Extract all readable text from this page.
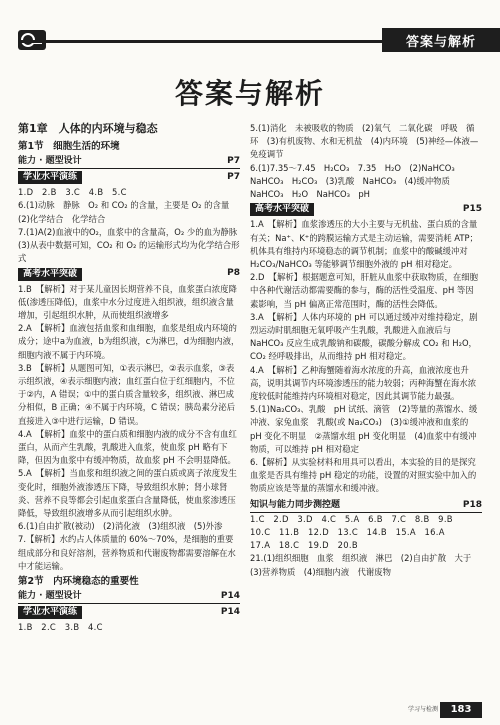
答案与解析
答案与解析
第1章　人体的内环境与稳态
第1节　细胞生活的环境
能力 · 题型设计	P7
学业水平演练	P7

1.D　2.B　3.C　4.B　5.C

6.(1)动脉　静脉　O₂ 和 CO₂ 的含量，主要是 O₂ 的含量　(2)化学结合　化学结合

7.(1)A(2)血液中的O₂，血浆中的含量高，O₂ 少的血为静脉　(3)从表中数据可知，CO₂ 和 O₂ 的运输形式均为化学结合形式

高考水平突破	P8

1.B　【解析】对于某儿童因长期营养不良，血浆蛋白浓度降低(渗透压降低)，血浆中水分过度进入组织液，组织液含量增加，引起组织水肿，从而使组织液增多

2.A　【解析】血液包括血浆和血细胞，血浆是组成内环境的成分；途中a为血液，b为组织液，c为淋巴，d为细胞内液，细胞内液不属于内环境。

3.B　【解析】从题图可知，①表示淋巴，②表示血浆，③表示组织液，④表示细胞内液；血红蛋白位于红细胞内，不位于②内，A 错误；①中的蛋白质含量较多，组织液、淋巴成分相似，B 正确；④不属于内环境，C 错误；胰岛素分泌后直接进入③中进行运输，D 错误。

4.A　【解析】血浆中的蛋白质和细胞内液的成分不含有血红蛋白，从而产生乳酸，乳酸进入血浆，使血浆 pH 略有下降，但因为血浆中有缓冲物质，故血浆 pH 不会明显降低。

5.A　【解析】当血浆和组织液之间的蛋白质或离子浓度发生变化时，细胞外液渗透压下降，导致组织水肿；肾小球肾炎、营养不良等都会引起血浆蛋白含量降低，使血浆渗透压降低，导致组织液增多从而引起组织水肿。

6.(1)自由扩散(被动)　(2)消化液　(3)组织液　(5)外渗

7.【解析】水约占人体质量的 60%～70%，是细胞的重要组成部分和良好溶剂，营养物质和代谢废物都需要溶解在水中才能运输。

第2节　内环境稳态的重要性
能力 · 题型设计	P14
学业水平演练	P14

1.B　2.C　3.B　4.C

5.(1)消化　未被吸收的物质　(2)氧气　二氧化碳　呼吸　循环　(3)有机废物、水和无机盐　(4)内环境　(5)神经—体液—免疫调节

6.(1)7.35～7.45　H₂CO₃　7.35　H₂O　(2)NaHCO₃　NaHCO₃　H₂CO₃　(3)乳酸　NaHCO₃　(4)缓冲物质　NaHCO₃　H₂O　NaHCO₃　pH

高考水平突破	P15

1.A　【解析】血浆渗透压的大小主要与无机盐、蛋白质的含量有关；Na⁺、K⁺的跨膜运输方式是主动运输，需要消耗 ATP；机体具有维持内环境稳态的调节机制；血浆中的酸碱缓冲对 H₂CO₃/NaHCO₃ 等能够调节细胞外液的 pH 相对稳定。

2.D　【解析】根据题意可知，肝脏从血浆中获取物质，在细胞中各种代谢活动都需要酶的参与，酶的活性受温度、pH 等因素影响，当 pH 偏离正常范围时，酶的活性会降低。

3.A　【解析】人体内环境的 pH 可以通过缓冲对维持稳定，剧烈运动时肌细胞无氧呼吸产生乳酸，乳酸进入血液后与 NaHCO₃ 反应生成乳酸钠和碳酸，碳酸分解成 CO₂ 和 H₂O，CO₂ 经呼吸排出，从而维持 pH 相对稳定。

4.A　【解析】乙种海蟹随着海水浓度的升高，血液浓度也升高，说明其调节内环境渗透压的能力较弱；丙种海蟹在海水浓度较低时能维持内环境相对稳定，因此其调节能力最强。

5.(1)Na₂CO₃、乳酸　pH 试纸、滴管　(2)等量的蒸馏水、缓冲液、家兔血浆　乳酸(或 Na₂CO₃)　(3)①缓冲液和血浆的 pH 变化不明显　②蒸馏水组 pH 变化明显　(4)血浆中有缓冲物质，可以维持 pH 相对稳定

6.【解析】从实验材料和用具可以看出，本实验的目的是探究血浆是否具有维持 pH 稳定的功能，设置的对照实验中加入的物质应该是等量的蒸馏水和缓冲液。

知识与能力同步测控题	P18

1.C　2.D　3.D　4.C　5.A　6.B　7.C　8.B　9.B

10.C　11.B　12.D　13.C　14.B　15.A　16.A

17.A　18.C　19.D　20.B

21.(1)组织细胞　血浆　组织液　淋巴　(2)自由扩散　大于　(3)营养物质　(4)细胞内液　代谢废物

学习与检测	183
